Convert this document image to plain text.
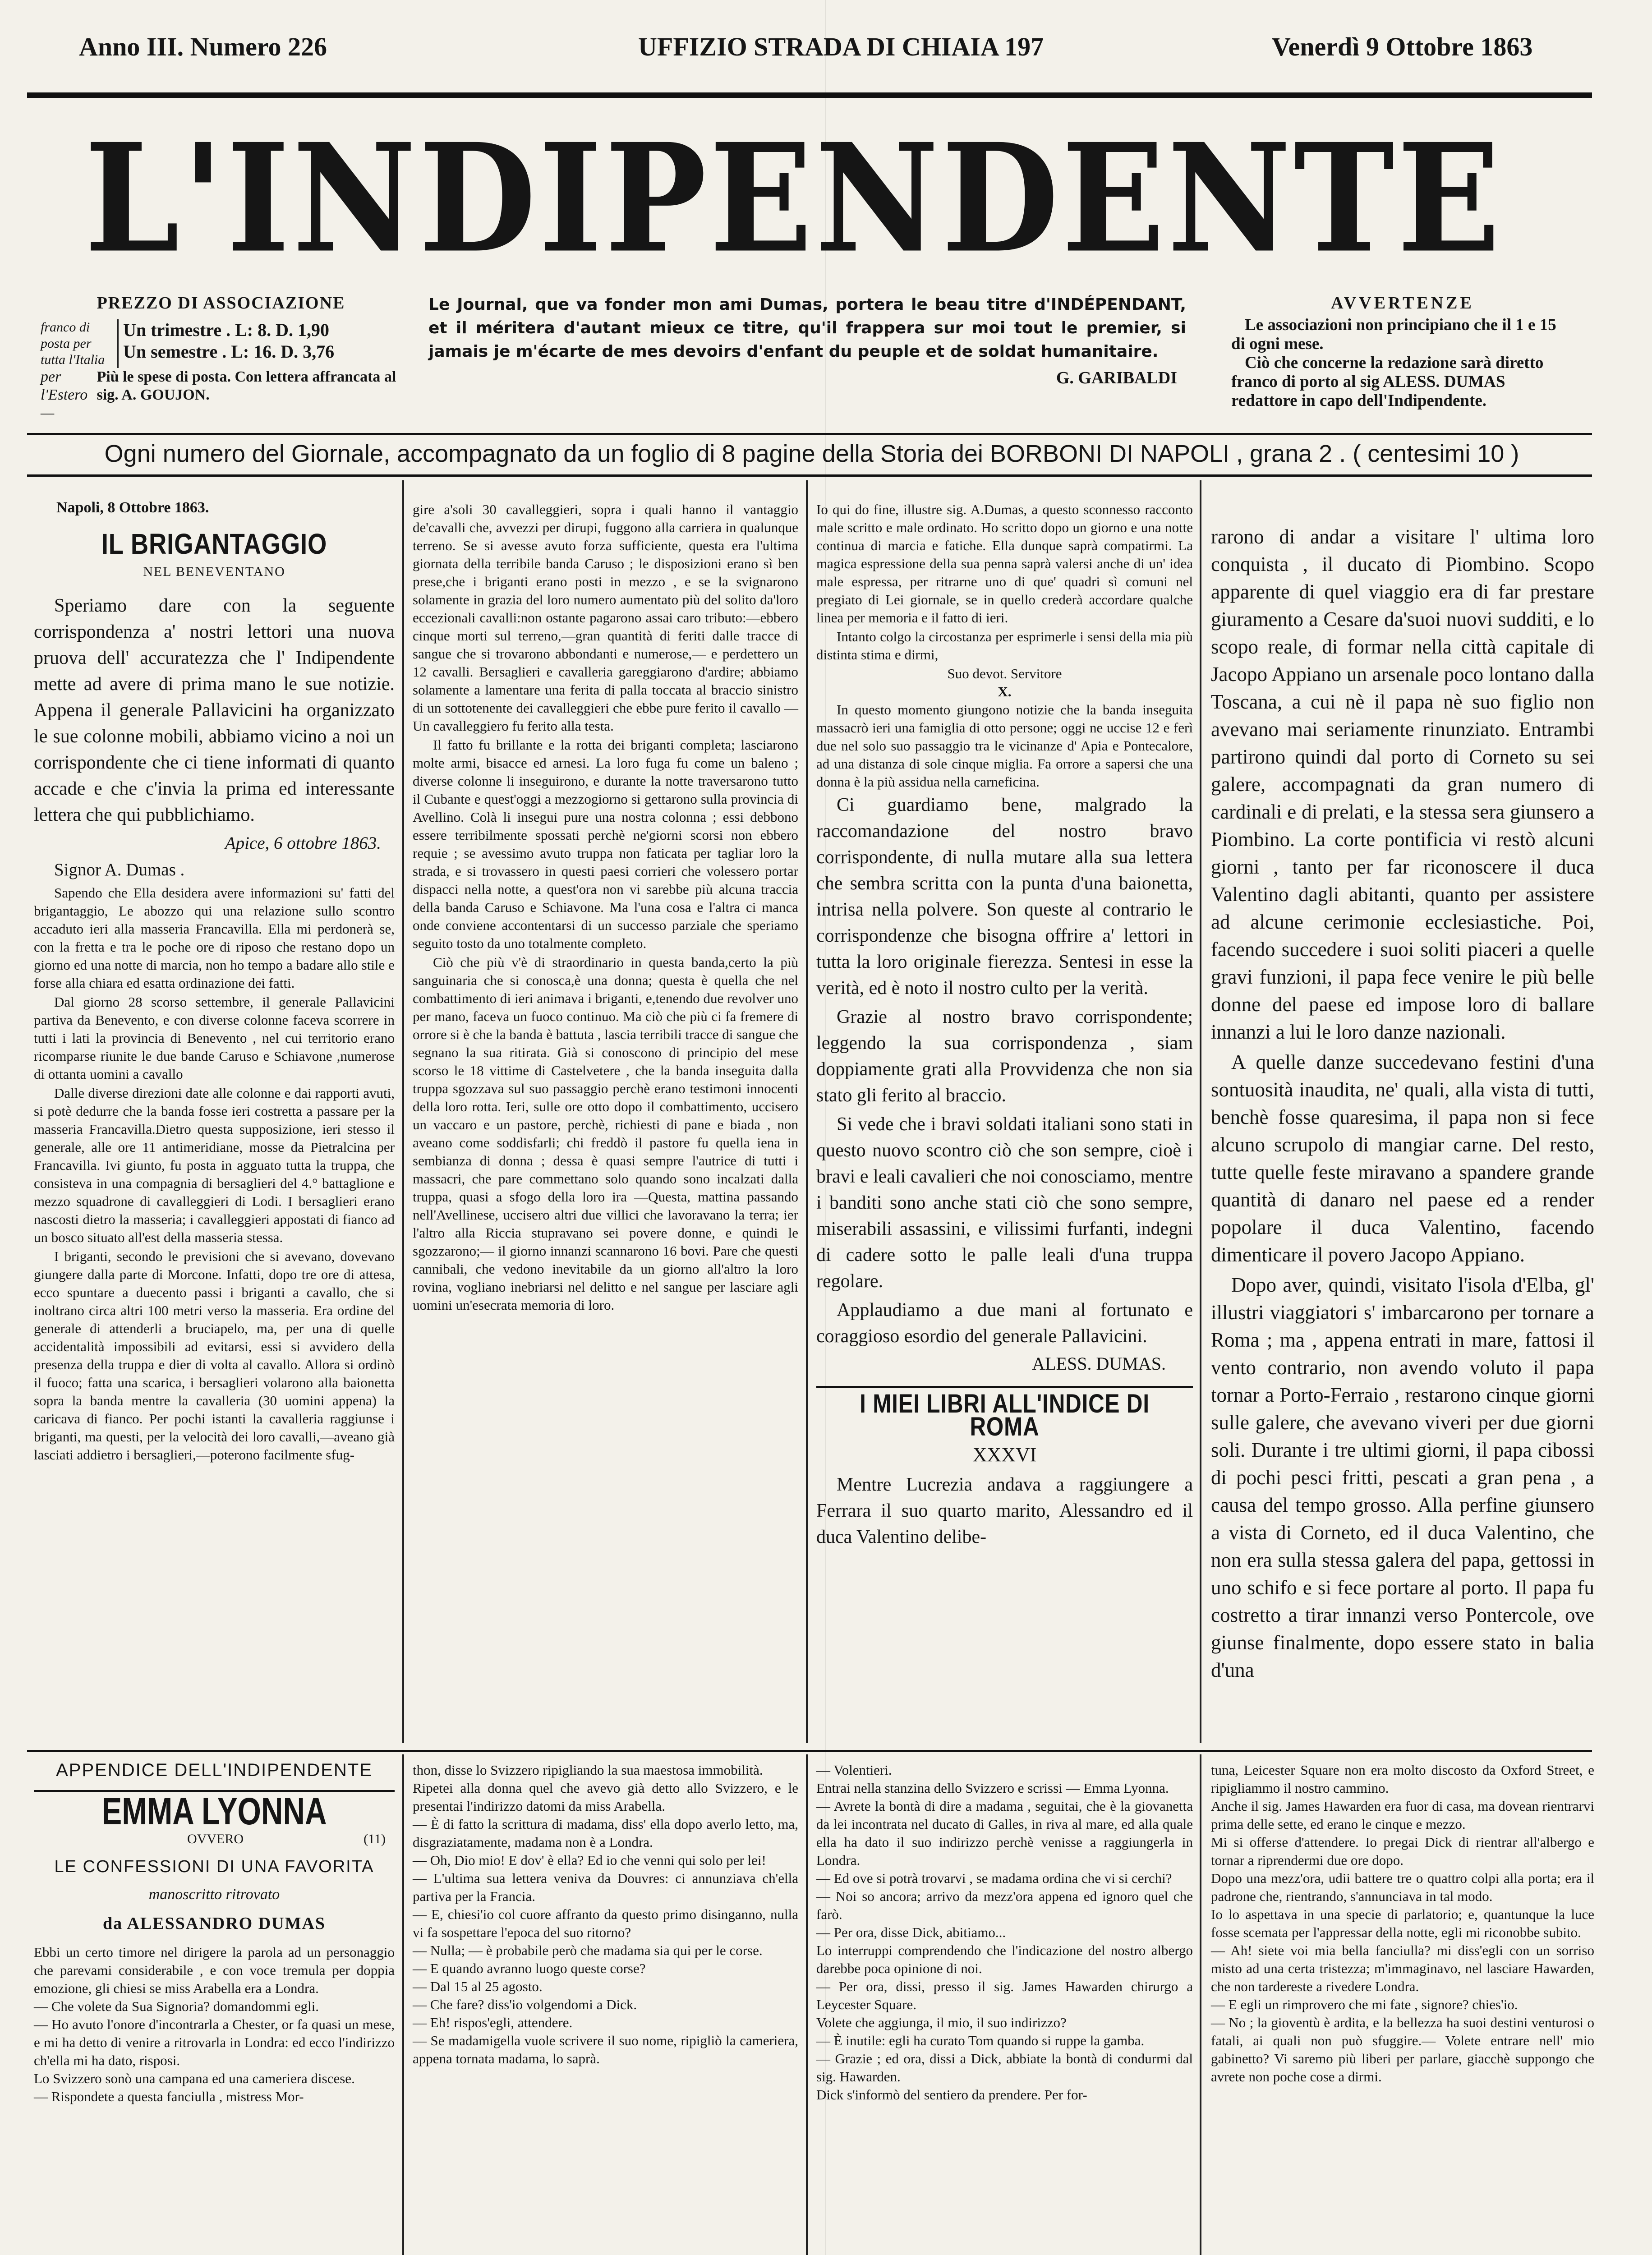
Anno III. Numero 226	UFFIZIO STRADA DI CHIAIA 197	Venerdì 9 Ottobre 1863
L'INDIPENDENTE
PREZZO DI ASSOCIAZIONE
franco di posta per tutta l'Italia
Un trimestre . L: 8. D. 1,90
Un semestre . L: 16. D. 3,76
per l'Estero—
Più le spese di posta. Con lettera affrancata al sig. A. GOUJON.
Le Journal, que va fonder mon ami Dumas, portera le beau titre d'INDÉPENDANT, et il méritera d'autant mieux ce titre, qu'il frappera sur moi tout le premier, si jamais je m'écarte de mes devoirs d'enfant du peuple et de soldat humanitaire.
G. GARIBALDI
AVVERTENZE
Le associazioni non principiano che il 1 e 15 di ogni mese.
Ciò che concerne la redazione sarà diretto franco di porto al sig ALESS. DUMAS redattore in capo dell'Indipendente.
Ogni numero del Giornale, accompagnato da un foglio di 8 pagine della Storia dei BORBONI DI NAPOLI , grana 2 . ( centesimi 10 )
Napoli, 8 Ottobre 1863.
IL BRIGANTAGGIO
NEL BENEVENTANO

Speriamo dare con la seguente corrispondenza a' nostri lettori una nuova pruova dell' accuratezza che l' Indipendente mette ad avere di prima mano le sue notizie. Appena il generale Pallavicini ha organizzato le sue colonne mobili, abbiamo vicino a noi un corrispondente che ci tiene informati di quanto accade e che c'invia la prima ed interessante lettera che qui pubblichiamo.

Apice, 6 ottobre 1863.

Signor A. Dumas .

Sapendo che Ella desidera avere informazioni su' fatti del brigantaggio, Le abozzo qui una relazione sullo scontro accaduto ieri alla masseria Francavilla. Ella mi perdonerà se, con la fretta e tra le poche ore di riposo che restano dopo un giorno ed una notte di marcia, non ho tempo a badare allo stile e forse alla chiara ed esatta ordinazione dei fatti.

Dal giorno 28 scorso settembre, il generale Pallavicini partiva da Benevento, e con diverse colonne faceva scorrere in tutti i lati la provincia di Benevento , nel cui territorio erano ricomparse riunite le due bande Caruso e Schiavone ,numerose di ottanta uomini a cavallo

Dalle diverse direzioni date alle colonne e dai rapporti avuti, si potè dedurre che la banda fosse ieri costretta a passare per la masseria Francavilla.Dietro questa supposizione, ieri stesso il generale, alle ore 11 antimeridiane, mosse da Pietralcina per Francavilla. Ivi giunto, fu posta in agguato tutta la truppa, che consisteva in una compagnia di bersaglieri del 4.° battaglione e mezzo squadrone di cavalleggieri di Lodi. I bersaglieri erano nascosti dietro la masseria; i cavalleggieri appostati di fianco ad un bosco situato all'est della masseria stessa.

I briganti, secondo le previsioni che si avevano, dovevano giungere dalla parte di Morcone. Infatti, dopo tre ore di attesa, ecco spuntare a duecento passi i briganti a cavallo, che si inoltrano circa altri 100 metri verso la masseria. Era ordine del generale di attenderli a bruciapelo, ma, per una di quelle accidentalità impossibili ad evitarsi, essi si avvidero della presenza della truppa e dier di volta al cavallo. Allora si ordinò il fuoco; fatta una scarica, i bersaglieri volarono alla baionetta sopra la banda mentre la cavalleria (30 uomini appena) la caricava di fianco. Per pochi istanti la cavalleria raggiunse i briganti, ma questi, per la velocità dei loro cavalli,—aveano già lasciati addietro i bersaglieri,—poterono facilmente sfug-

gire a'soli 30 cavalleggieri, sopra i quali hanno il vantaggio de'cavalli che, avvezzi per dirupi, fuggono alla carriera in qualunque terreno. Se si avesse avuto forza sufficiente, questa era l'ultima giornata della terribile banda Caruso ; le disposizioni erano sì ben prese,che i briganti erano posti in mezzo , e se la svignarono solamente in grazia del loro numero aumentato più del solito da'loro eccezionali cavalli:non ostante pagarono assai caro tributo:—ebbero cinque morti sul terreno,—gran quantità di feriti dalle tracce di sangue che si trovarono abbondanti e numerose,— e perdettero un 12 cavalli. Bersaglieri e cavalleria gareggiarono d'ardire; abbiamo solamente a lamentare una ferita di palla toccata al braccio sinistro di un sottotenente dei cavalleggieri che ebbe pure ferito il cavallo — Un cavalleggiero fu ferito alla testa.

Il fatto fu brillante e la rotta dei briganti completa; lasciarono molte armi, bisacce ed arnesi. La loro fuga fu come un baleno ; diverse colonne li inseguirono, e durante la notte traversarono tutto il Cubante e quest'oggi a mezzogiorno si gettarono sulla provincia di Avellino. Colà li insegui pure una nostra colonna ; essi debbono essere terribilmente spossati perchè ne'giorni scorsi non ebbero requie ; se avessimo avuto truppa non faticata per tagliar loro la strada, e si trovassero in questi paesi corrieri che volessero portar dispacci nella notte, a quest'ora non vi sarebbe più alcuna traccia della banda Caruso e Schiavone. Ma l'una cosa e l'altra ci manca onde conviene accontentarsi di un successo parziale che speriamo seguito tosto da uno totalmente completo.

Ciò che più v'è di straordinario in questa banda,certo la più sanguinaria che si conosca,è una donna; questa è quella che nel combattimento di ieri animava i briganti, e,tenendo due revolver uno per mano, faceva un fuoco continuo. Ma ciò che più ci fa fremere di orrore si è che la banda è battuta , lascia terribili tracce di sangue che segnano la sua ritirata. Già si conoscono di principio del mese scorso le 18 vittime di Castelvetere , che la banda inseguita dalla truppa sgozzava sul suo passaggio perchè erano testimoni innocenti della loro rotta. Ieri, sulle ore otto dopo il combattimento, uccisero un vaccaro e un pastore, perchè, richiesti di pane e biada , non aveano come soddisfarli; chi freddò il pastore fu quella iena in sembianza di donna ; dessa è quasi sempre l'autrice di tutti i massacri, che pare commettano solo quando sono incalzati dalla truppa, quasi a sfogo della loro ira —Questa, mattina passando nell'Avellinese, uccisero altri due villici che lavoravano la terra; ier l'altro alla Riccia stupravano sei povere donne, e quindi le sgozzarono;— il giorno innanzi scannarono 16 bovi. Pare che questi cannibali, che vedono inevitabile da un giorno all'altro la loro rovina, vogliano inebriarsi nel delitto e nel sangue per lasciare agli uomini un'esecrata memoria di loro.

Io qui do fine, illustre sig. A.Dumas, a questo sconnesso racconto male scritto e male ordinato. Ho scritto dopo un giorno e una notte continua di marcia e fatiche. Ella dunque saprà compatirmi. La magica espressione della sua penna saprà valersi anche di un' idea male espressa, per ritrarne uno di que' quadri sì comuni nel pregiato di Lei giornale, se in quello crederà accordare qualche linea per memoria e il fatto di ieri.

Intanto colgo la circostanza per esprimerle i sensi della mia più distinta stima e dirmi,

Suo devot. Servitore
X.

In questo momento giungono notizie che la banda inseguita massacrò ieri una famiglia di otto persone; oggi ne uccise 12 e ferì due nel solo suo passaggio tra le vicinanze d' Apia e Pontecalore, ad una distanza di sole cinque miglia. Fa orrore a sapersi che una donna è la più assidua nella carneficina.

Ci guardiamo bene, malgrado la raccomandazione del nostro bravo corrispondente, di nulla mutare alla sua lettera che sembra scritta con la punta d'una baionetta, intrisa nella polvere. Son queste al contrario le corrispondenze che bisogna offrire a' lettori in tutta la loro originale fierezza. Sentesi in esse la verità, ed è noto il nostro culto per la verità.

Grazie al nostro bravo corrispondente; leggendo la sua corrispondenza , siam doppiamente grati alla Provvidenza che non sia stato gli ferito al braccio.

Si vede che i bravi soldati italiani sono stati in questo nuovo scontro ciò che son sempre, cioè i bravi e leali cavalieri che noi conosciamo, mentre i banditi sono anche stati ciò che sono sempre, miserabili assassini, e vilissimi furfanti, indegni di cadere sotto le palle leali d'una truppa regolare.

Applaudiamo a due mani al fortunato e coraggioso esordio del generale Pallavicini.

ALESS. DUMAS.
I MIEI LIBRI ALL'INDICE DI ROMA
XXXVI

Mentre Lucrezia andava a raggiungere a Ferrara il suo quarto marito, Alessandro ed il duca Valentino delibe-

rarono di andar a visitare l' ultima loro conquista , il ducato di Piombino. Scopo apparente di quel viaggio era di far prestare giuramento a Cesare da'suoi nuovi sudditi, e lo scopo reale, di formar nella città capitale di Jacopo Appiano un arsenale poco lontano dalla Toscana, a cui nè il papa nè suo figlio non avevano mai seriamente rinunziato. Entrambi partirono quindi dal porto di Corneto su sei galere, accompagnati da gran numero di cardinali e di prelati, e la stessa sera giunsero a Piombino. La corte pontificia vi restò alcuni giorni , tanto per far riconoscere il duca Valentino dagli abitanti, quanto per assistere ad alcune cerimonie ecclesiastiche. Poi, facendo succedere i suoi soliti piaceri a quelle gravi funzioni, il papa fece venire le più belle donne del paese ed impose loro di ballare innanzi a lui le loro danze nazionali.

A quelle danze succedevano festini d'una sontuosità inaudita, ne' quali, alla vista di tutti, benchè fosse quaresima, il papa non si fece alcuno scrupolo di mangiar carne. Del resto, tutte quelle feste miravano a spandere grande quantità di danaro nel paese ed a render popolare il duca Valentino, facendo dimenticare il povero Jacopo Appiano.

Dopo aver, quindi, visitato l'isola d'Elba, gl' illustri viaggiatori s' imbarcarono per tornare a Roma ; ma , appena entrati in mare, fattosi il vento contrario, non avendo voluto il papa tornar a Porto-Ferraio , restarono cinque giorni sulle galere, che avevano viveri per due giorni soli. Durante i tre ultimi giorni, il papa cibossi di pochi pesci fritti, pescati a gran pena , a causa del tempo grosso. Alla perfine giunsero a vista di Corneto, ed il duca Valentino, che non era sulla stessa galera del papa, gettossi in uno schifo e si fece portare al porto. Il papa fu costretto a tirar innanzi verso Pontercole, ove giunse finalmente, dopo essere stato in balia d'una

APPENDICE DELL'INDIPENDENTE
EMMA LYONNA
OVVERO	(11)
LE CONFESSIONI DI UNA FAVORITA
manoscritto ritrovato
da ALESSANDRO DUMAS
Ebbi un certo timore nel dirigere la parola ad un personaggio che parevami considerabile , e con voce tremula per doppia emozione, gli chiesi se miss Arabella era a Londra.
— Che volete da Sua Signoria? domandommi egli.
— Ho avuto l'onore d'incontrarla a Chester, or fa quasi un mese, e mi ha detto di venire a ritrovarla in Londra: ed ecco l'indirizzo ch'ella mi ha dato, risposi.
Lo Svizzero sonò una campana ed una cameriera discese.
— Rispondete a questa fanciulla , mistress Mor-
thon, disse lo Svizzero ripigliando la sua maestosa immobilità.
Ripetei alla donna quel che avevo già detto allo Svizzero, e le presentai l'indirizzo datomi da miss Arabella.
— È di fatto la scrittura di madama, diss' ella dopo averlo letto, ma, disgraziatamente, madama non è a Londra.
— Oh, Dio mio! E dov' è ella? Ed io che venni qui solo per lei!
— L'ultima sua lettera veniva da Douvres: ci annunziava ch'ella partiva per la Francia.
— E, chiesi'io col cuore affranto da questo primo disinganno, nulla vi fa sospettare l'epoca del suo ritorno?
— Nulla; — è probabile però che madama sia qui per le corse.
— E quando avranno luogo queste corse?
— Dal 15 al 25 agosto.
— Che fare? diss'io volgendomi a Dick.
— Eh! rispos'egli, attendere.
— Se madamigella vuole scrivere il suo nome, ripigliò la cameriera, appena tornata madama, lo saprà.
— Volentieri.
Entrai nella stanzina dello Svizzero e scrissi — Emma Lyonna.
— Avrete la bontà di dire a madama , seguitai, che è la giovanetta da lei incontrata nel ducato di Galles, in riva al mare, ed alla quale ella ha dato il suo indirizzo perchè venisse a raggiungerla in Londra.
— Ed ove si potrà trovarvi , se madama ordina che vi si cerchi?
— Noi so ancora; arrivo da mezz'ora appena ed ignoro quel che farò.
— Per ora, disse Dick, abitiamo...
Lo interruppi comprendendo che l'indicazione del nostro albergo darebbe poca opinione di noi.
— Per ora, dissi, presso il sig. James Hawarden chirurgo a Leycester Square.
Volete che aggiunga, il mio, il suo indirizzo?
— È inutile: egli ha curato Tom quando si ruppe la gamba.
— Grazie ; ed ora, dissi a Dick, abbiate la bontà di condurmi dal sig. Hawarden.
Dick s'informò del sentiero da prendere. Per for-
tuna, Leicester Square non era molto discosto da Oxford Street, e ripigliammo il nostro cammino.
Anche il sig. James Hawarden era fuor di casa, ma dovean rientrarvi prima delle sette, ed erano le cinque e mezzo.
Mi si offerse d'attendere. Io pregai Dick di rientrar all'albergo e tornar a riprendermi due ore dopo.
Dopo una mezz'ora, udii battere tre o quattro colpi alla porta; era il padrone che, rientrando, s'annunciava in tal modo.
Io lo aspettava in una specie di parlatorio; e, quantunque la luce fosse scemata per l'appressar della notte, egli mi riconobbe subito.
— Ah! siete voi mia bella fanciulla? mi diss'egli con un sorriso misto ad una certa tristezza; m'immaginavo, nel lasciare Hawarden, che non tardereste a rivedere Londra.
— E egli un rimprovero che mi fate , signore? chies'io.
— No ; la gioventù è ardita, e la bellezza ha suoi destini venturosi o fatali, ai quali non può sfuggire.— Volete entrare nell' mio gabinetto? Vi saremo più liberi per parlare, giacchè suppongo che avrete non poche cose a dirmi.
